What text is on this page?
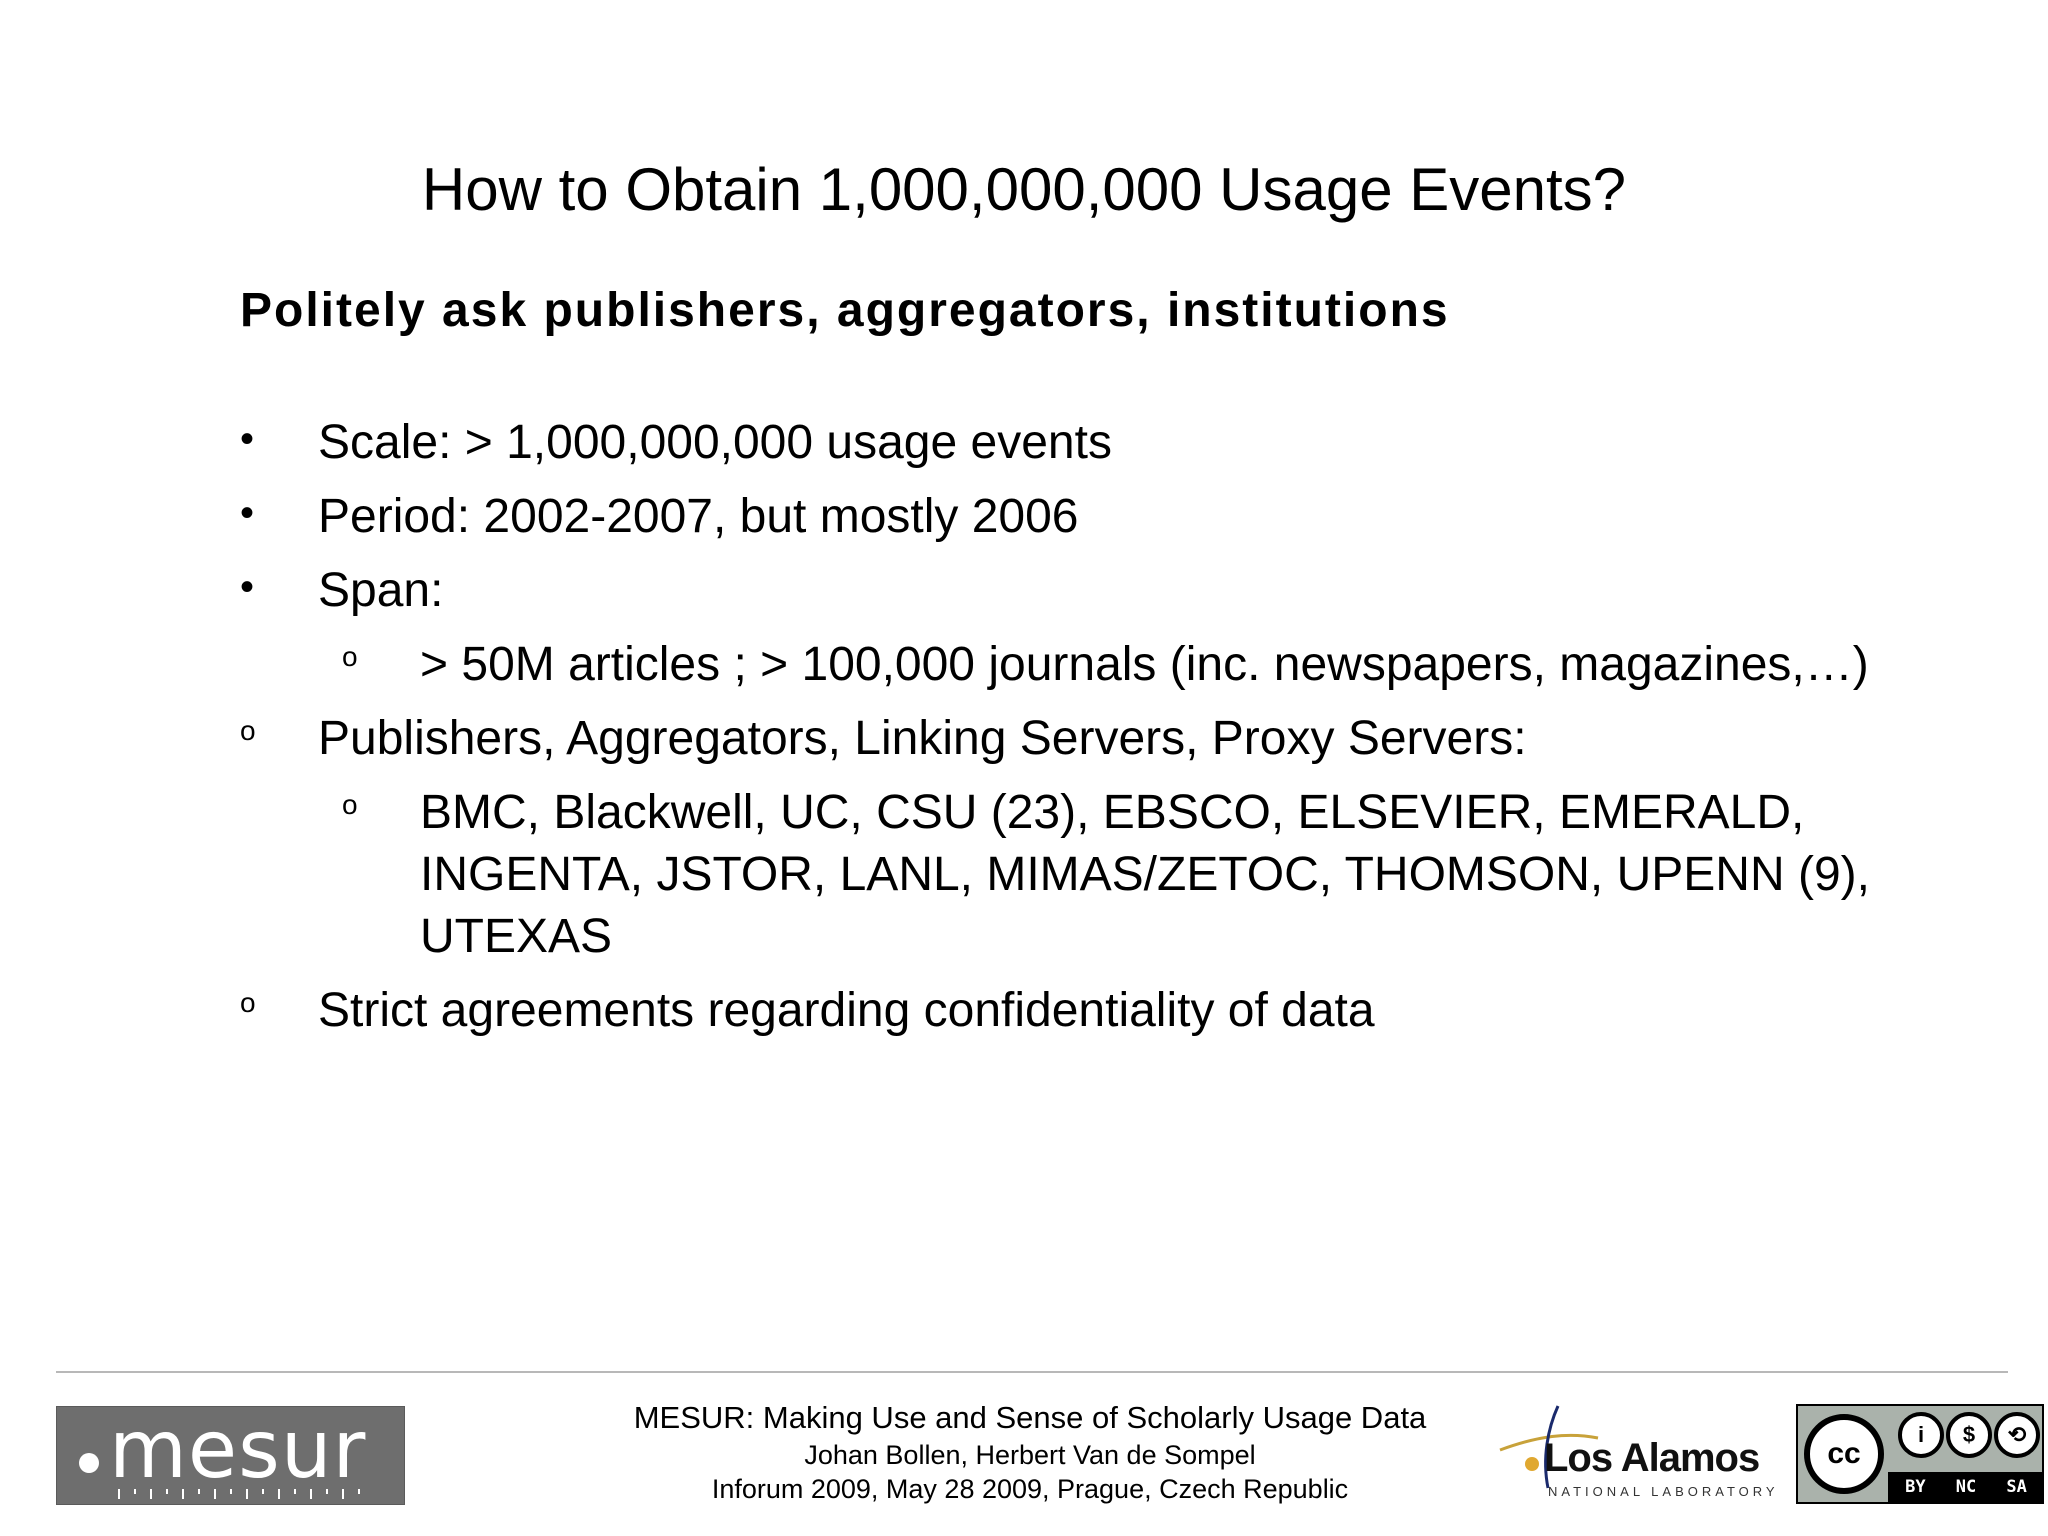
How to Obtain 1,000,000,000 Usage Events?
Politely ask publishers, aggregators, institutions
• Scale: > 1,000,000,000 usage events
• Period: 2002-2007, but mostly 2006
• Span:
o > 50M articles ; > 100,000 journals (inc. newspapers, magazines,…)
o Publishers, Aggregators, Linking Servers, Proxy Servers:
o BMC, Blackwell, UC, CSU (23), EBSCO, ELSEVIER, EMERALD, INGENTA, JSTOR, LANL, MIMAS/ZETOC, THOMSON, UPENN (9), UTEXAS
o Strict agreements regarding confidentiality of data
mesur	MESUR: Making Use and Sense of Scholarly Usage Data
Johan Bollen, Herbert Van de Sompel
Inforum 2009, May 28 2009, Prague, Czech Republic
Los Alamos
NATIONAL LABORATORY
cc
i	$	⟲
BY NC SA
